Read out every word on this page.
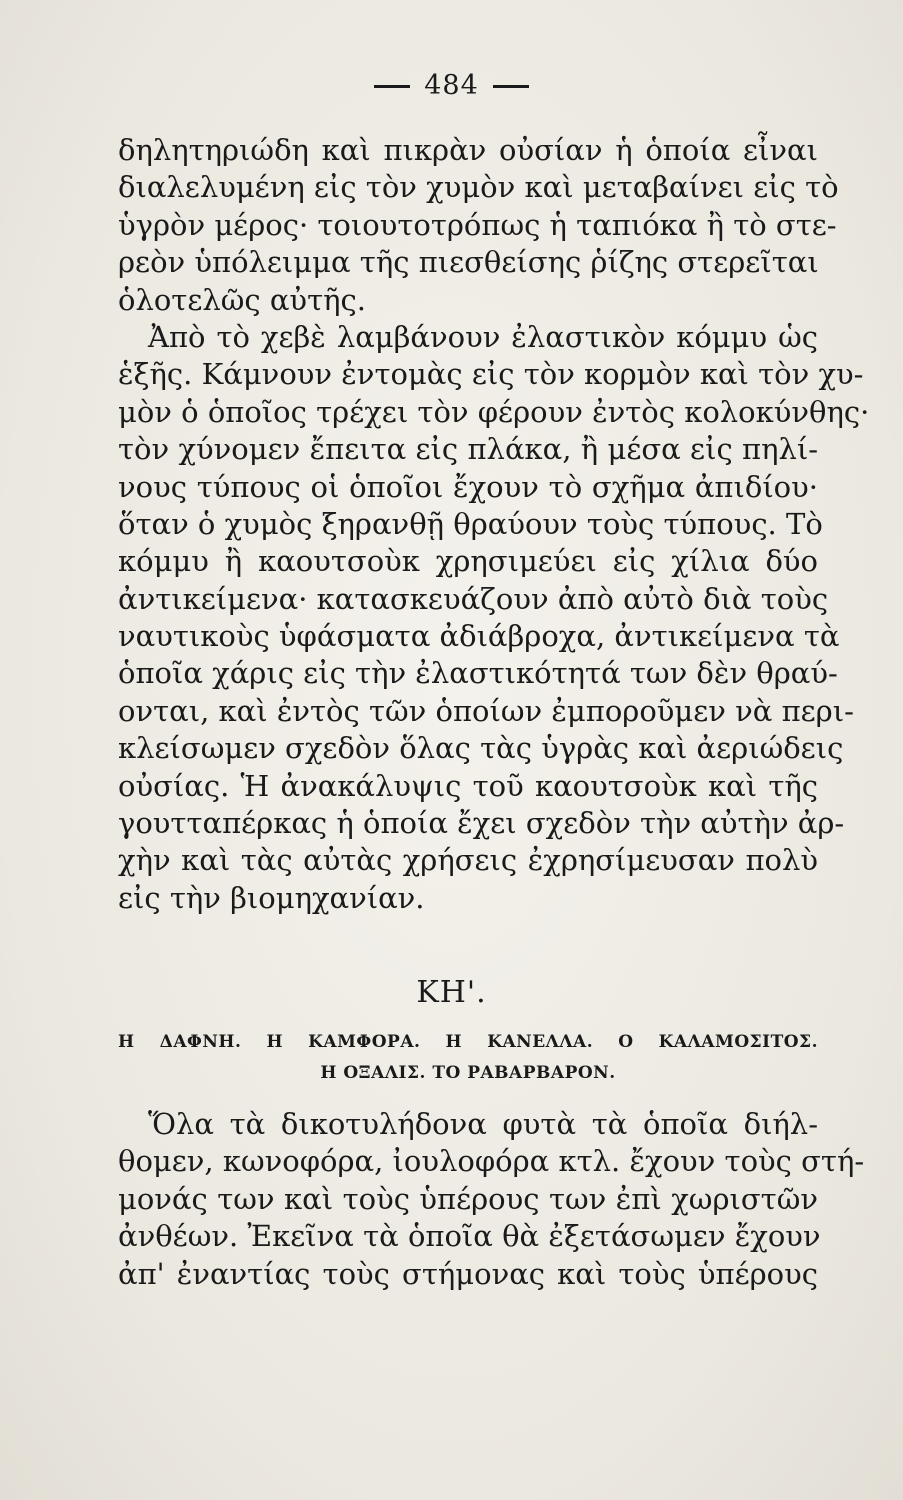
484
δηλητηριώδη καὶ πικρὰν οὐσίαν ἡ ὁποία εἶναι
διαλελυμένη εἰς τὸν χυμὸν καὶ μεταβαίνει εἰς τὸ
ὑγρὸν μέρος· τοιουτοτρόπως ἡ ταπιόκα ἢ τὸ στε-
ρεὸν ὑπόλειμμα τῆς πιεσθείσης ῥίζης στερεῖται
ὁλοτελῶς αὐτῆς.
Ἀπὸ τὸ χεβὲ λαμβάνουν ἐλαστικὸν κόμμυ ὡς
ἑξῆς. Κάμνουν ἐντομὰς εἰς τὸν κορμὸν καὶ τὸν χυ-
μὸν ὁ ὁποῖος τρέχει τὸν φέρουν ἐντὸς κολοκύνθης·
τὸν χύνομεν ἔπειτα εἰς πλάκα, ἢ μέσα εἰς πηλί-
νους τύπους οἱ ὁποῖοι ἔχουν τὸ σχῆμα ἀπιδίου·
ὅταν ὁ χυμὸς ξηρανθῇ θραύουν τοὺς τύπους. Τὸ
κόμμυ ἢ καουτσοὺκ χρησιμεύει εἰς χίλια δύο
ἀντικείμενα· κατασκευάζουν ἀπὸ αὐτὸ διὰ τοὺς
ναυτικοὺς ὑφάσματα ἀδιάβροχα, ἀντικείμενα τὰ
ὁποῖα χάρις εἰς τὴν ἐλαστικότητά των δὲν θραύ-
ονται, καὶ ἐντὸς τῶν ὁποίων ἐμποροῦμεν νὰ περι-
κλείσωμεν σχεδὸν ὅλας τὰς ὑγρὰς καὶ ἀεριώδεις
οὐσίας. Ἡ ἀνακάλυψις τοῦ καουτσοὺκ καὶ τῆς
γουτταπέρκας ἡ ὁποία ἔχει σχεδὸν τὴν αὐτὴν ἀρ-
χὴν καὶ τὰς αὐτὰς χρήσεις ἐχρησίμευσαν πολὺ
εἰς τὴν βιομηχανίαν.
ΚΗ'.
Η ΔΑΦΝΗ. Η ΚΑΜΦΟΡΑ. Η ΚΑΝΕΛΛΑ. Ο ΚΑΛΑΜΟΣΙΤΟΣ.
Η ΟΞΑΛΙΣ. ΤΟ ΡΑΒΑΡΒΑΡΟΝ.
Ὅλα τὰ δικοτυλήδονα φυτὰ τὰ ὁποῖα διήλ-
θομεν, κωνοφόρα, ἰουλοφόρα κτλ. ἔχουν τοὺς στή-
μονάς των καὶ τοὺς ὑπέρους των ἐπὶ χωριστῶν
ἀνθέων. Ἐκεῖνα τὰ ὁποῖα θὰ ἐξετάσωμεν ἔχουν
ἀπ' ἐναντίας τοὺς στήμονας καὶ τοὺς ὑπέρους
